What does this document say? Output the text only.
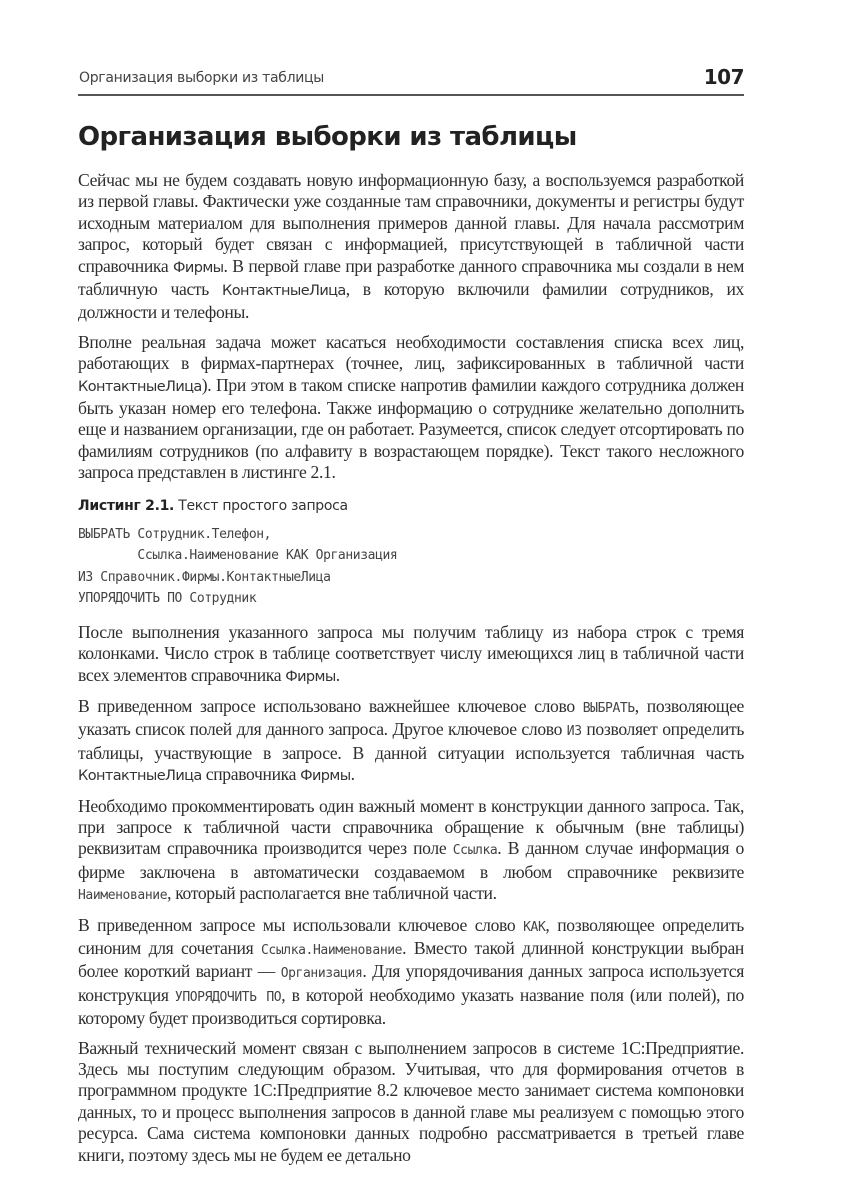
Организация выборки из таблицы	107
Организация выборки из таблицы

Сейчас мы не будем создавать новую информационную базу, а воспользуемся разработкой из первой главы. Фактически уже созданные там справочники, документы и регистры будут исходным материалом для выполнения примеров данной главы. Для начала рассмотрим запрос, который будет связан с информацией, присутствующей в табличной части справочника Фирмы. В первой главе при разработке данного справочника мы создали в нем табличную часть КонтактныеЛица, в которую включили фамилии сотрудников, их должности и телефоны.

Вполне реальная задача может касаться необходимости составления списка всех лиц, работающих в фирмах-партнерах (точнее, лиц, зафиксированных в табличной части КонтактныеЛица). При этом в таком списке напротив фамилии каждого сотрудника должен быть указан номер его телефона. Также информацию о сотруднике желательно дополнить еще и названием организации, где он работает. Разумеется, список следует отсортировать по фамилиям сотрудников (по алфавиту в возрастающем порядке). Текст такого несложного запроса представлен в листинге 2.1.

Листинг 2.1. Текст простого запроса
ВЫБРАТЬ Сотрудник.Телефон,
Ссылка.Наименование КАК Организация
ИЗ Справочник.Фирмы.КонтактныеЛица
УПОРЯДОЧИТЬ ПО Сотрудник

После выполнения указанного запроса мы получим таблицу из набора строк с тремя колонками. Число строк в таблице соответствует числу имеющихся лиц в табличной части всех элементов справочника Фирмы.

В приведенном запросе использовано важнейшее ключевое слово ВЫБРАТЬ, позволяющее указать список полей для данного запроса. Другое ключевое слово ИЗ позволяет определить таблицы, участвующие в запросе. В данной ситуации используется табличная часть КонтактныеЛица справочника Фирмы.

Необходимо прокомментировать один важный момент в конструкции данного запроса. Так, при запросе к табличной части справочника обращение к обычным (вне таблицы) реквизитам справочника производится через поле Ссылка. В данном случае информация о фирме заключена в автоматически создаваемом в любом справочнике реквизите Наименование, который располагается вне табличной части.

В приведенном запросе мы использовали ключевое слово КАК, позволяющее определить синоним для сочетания Ссылка.Наименование. Вместо такой длинной конструкции выбран более короткий вариант — Организация. Для упорядочивания данных запроса используется конструкция УПОРЯДОЧИТЬ ПО, в которой необходимо указать название поля (или полей), по которому будет производиться сортировка.

Важный технический момент связан с выполнением запросов в системе 1С:Предприятие. Здесь мы поступим следующим образом. Учитывая, что для формирования отчетов в программном продукте 1С:Предприятие 8.2 ключевое место занимает система компоновки данных, то и процесс выполнения запросов в данной главе мы реализуем с помощью этого ресурса. Сама система компоновки данных подробно рассматривается в третьей главе книги, поэтому здесь мы не будем ее детально
